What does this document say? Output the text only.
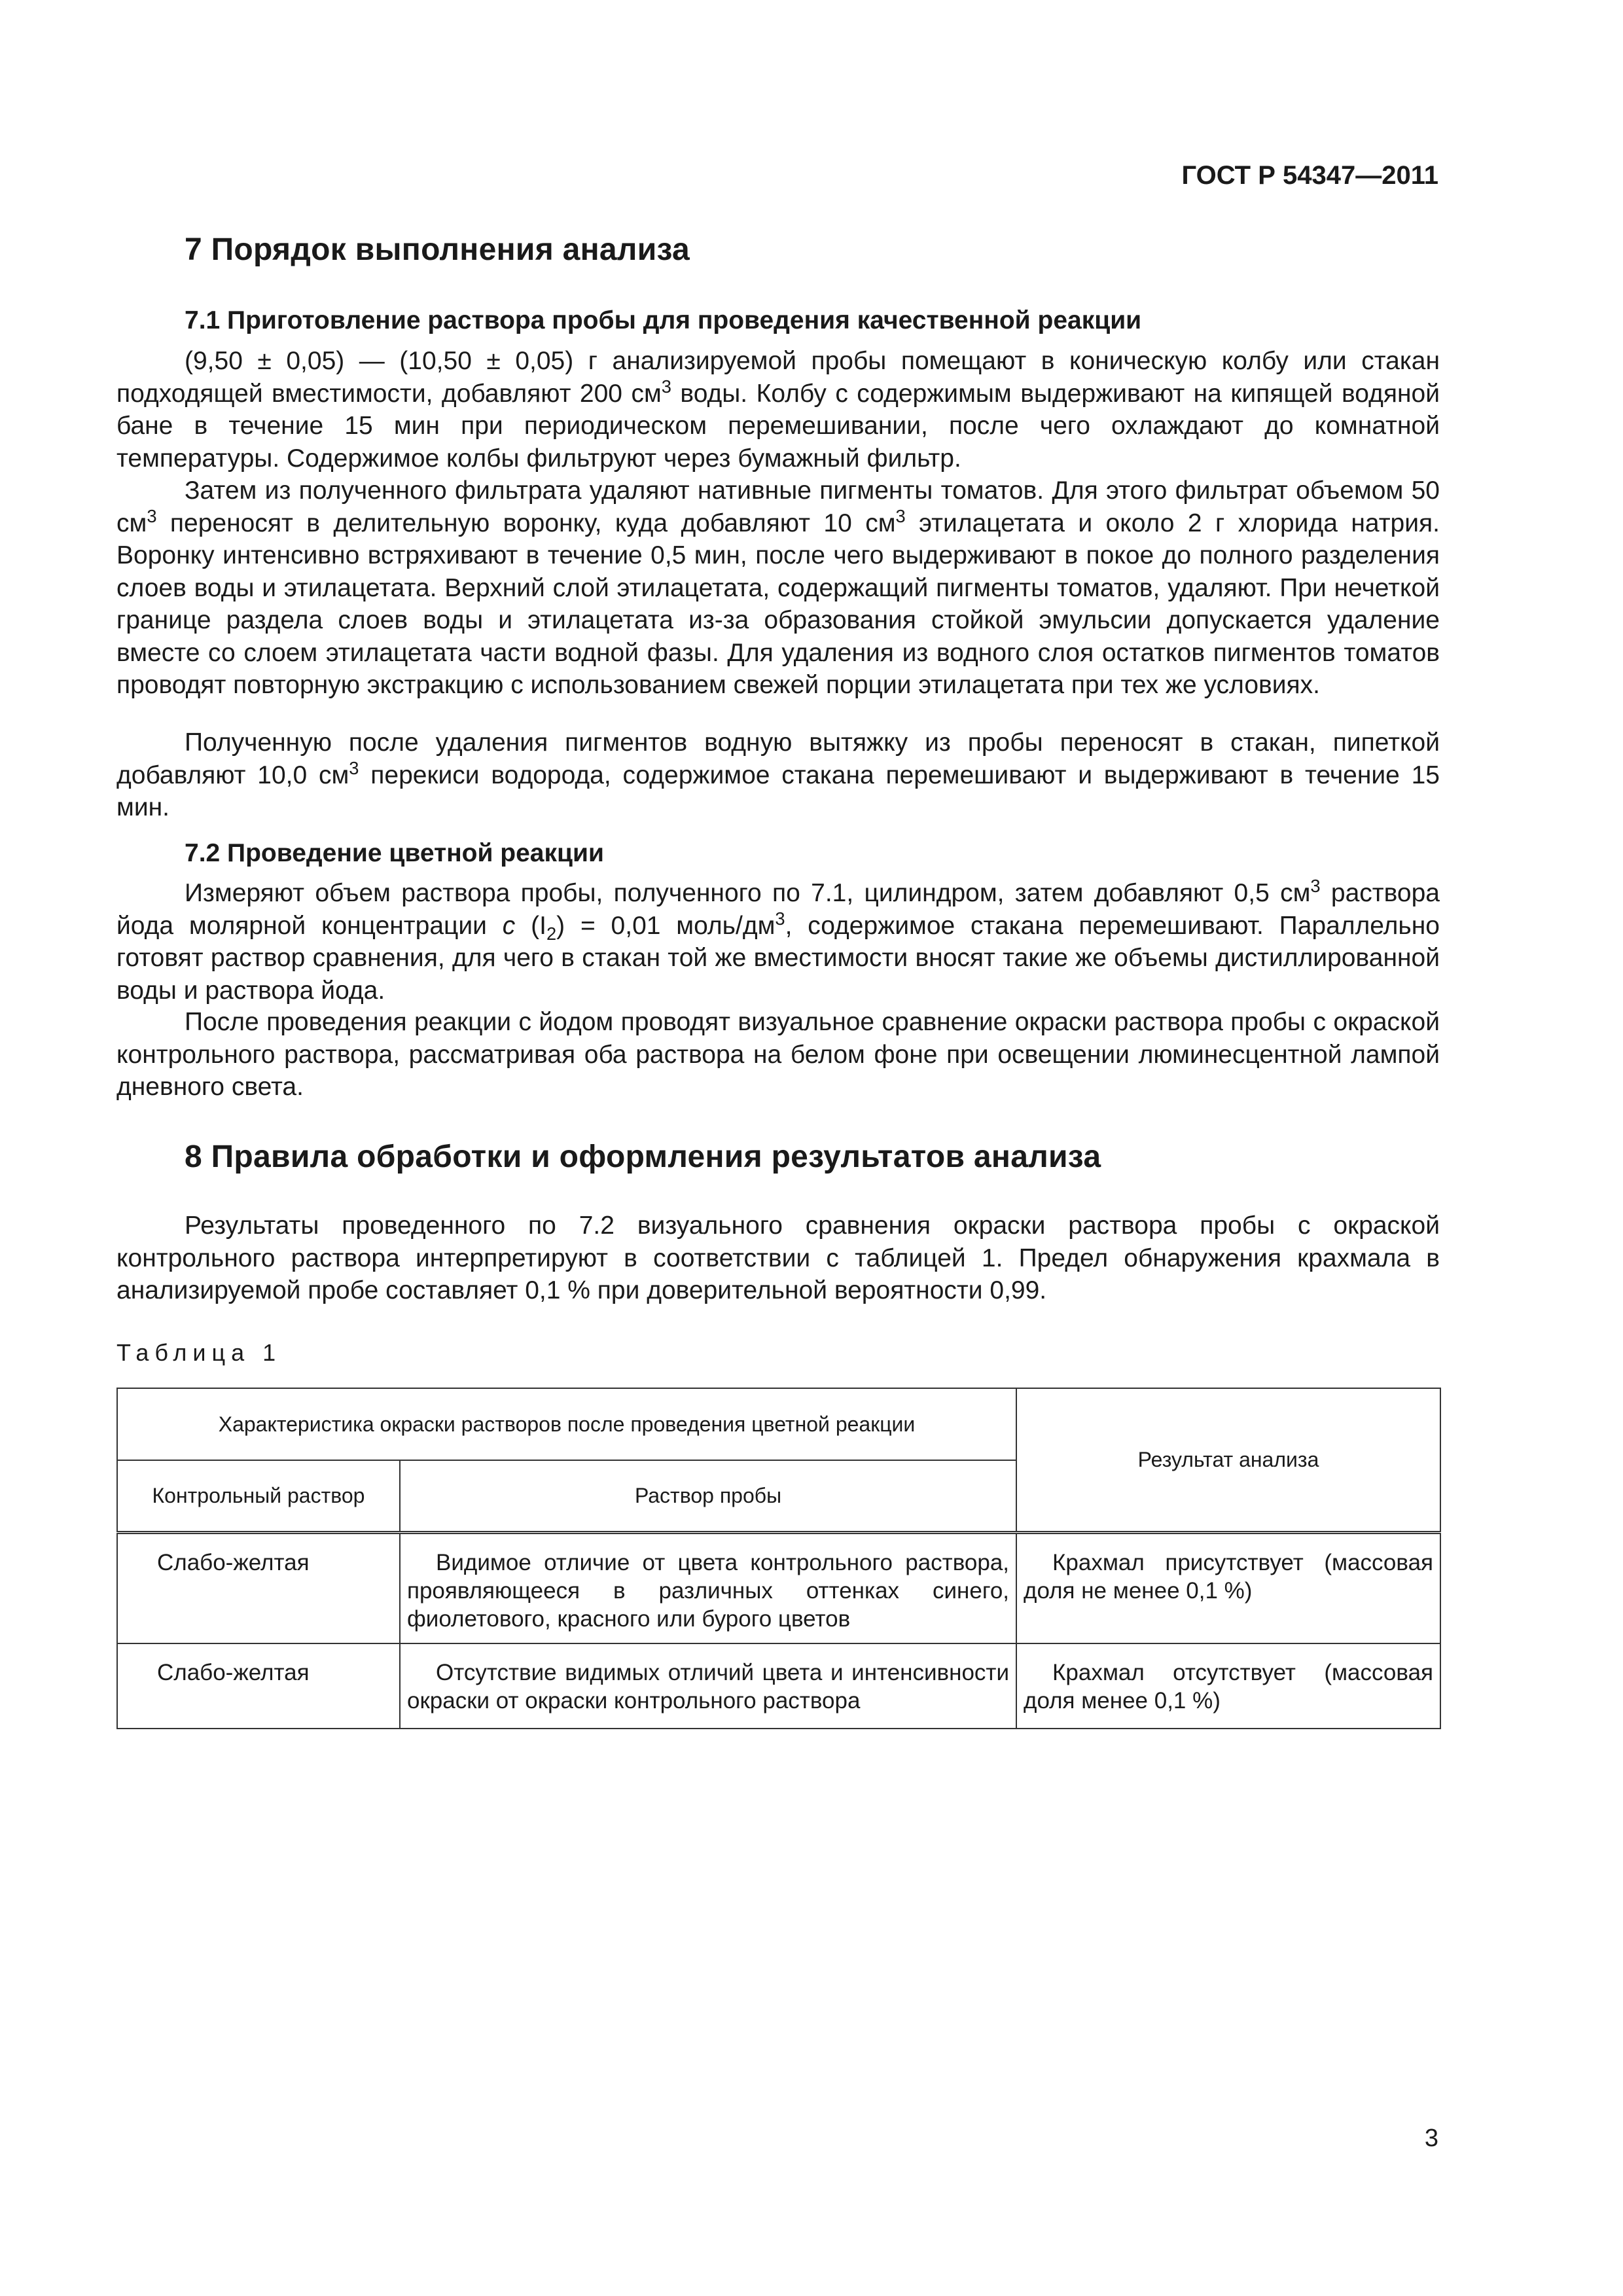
ГОСТ Р 54347—2011
7 Порядок выполнения анализа
7.1 Приготовление раствора пробы для проведения качественной реакции

(9,50 ± 0,05) — (10,50 ± 0,05) г анализируемой пробы помещают в коническую колбу или стакан подходящей вместимости, добавляют 200 $см^3$ воды. Колбу с содержимым выдерживают на кипящей водяной бане в течение 15 мин при периодическом перемешивании, после чего охлаждают до комнатной температуры. Содержимое колбы фильтруют через бумажный фильтр.

Затем из полученного фильтрата удаляют нативные пигменты томатов. Для этого фильтрат объемом 50 $см^3$ переносят в делительную воронку, куда добавляют 10 $см^3$ этилацетата и около 2 г хлорида натрия. Воронку интенсивно встряхивают в течение 0,5 мин, после чего выдерживают в покое до полного разделения слоев воды и этилацетата. Верхний слой этилацетата, содержащий пигменты томатов, удаляют. При нечеткой границе раздела слоев воды и этилацетата из-за образования стойкой эмульсии допускается удаление вместе со слоем этилацетата части водной фазы. Для удаления из водного слоя остатков пигментов томатов проводят повторную экстракцию с использованием свежей порции этилацетата при тех же условиях.

Полученную после удаления пигментов водную вытяжку из пробы переносят в стакан, пипеткой добавляют 10,0 $см^3$ перекиси водорода, содержимое стакана перемешивают и выдерживают в течение 15 мин.

7.2 Проведение цветной реакции

Измеряют объем раствора пробы, полученного по 7.1, цилиндром, затем добавляют 0,5 $см^3$ раствора йода молярной концентрации c $(I_2) = 0,01$ моль/$дм^3$, содержимое стакана перемешивают. Параллельно готовят раствор сравнения, для чего в стакан той же вместимости вносят такие же объемы дистиллированной воды и раствора йода.

После проведения реакции с йодом проводят визуальное сравнение окраски раствора пробы с окраской контрольного раствора, рассматривая оба раствора на белом фоне при освещении люминесцентной лампой дневного света.

8 Правила обработки и оформления результатов анализа

Результаты проведенного по 7.2 визуального сравнения окраски раствора пробы с окраской контрольного раствора интерпретируют в соответствии с таблицей 1. Предел обнаружения крахмала в анализируемой пробе составляет 0,1 % при доверительной вероятности 0,99.

Таблица 1
Характеристика окраски растворов после проведения цветной реакции		Результат анализа
Контрольный раствор	Раствор пробы	
Слабо-желтая	Видимое отличие от цвета контрольного раствора, проявляющееся в различных оттенках синего, фиолетового, красного или бурого цветов	Крахмал присутствует (массовая доля не менее 0,1 %)

Слабо-желтая	Отсутствие видимых отличий цвета и интенсивности окраски от окраски контрольного раствора	Крахмал отсутствует (массовая доля менее 0,1 %)
3
